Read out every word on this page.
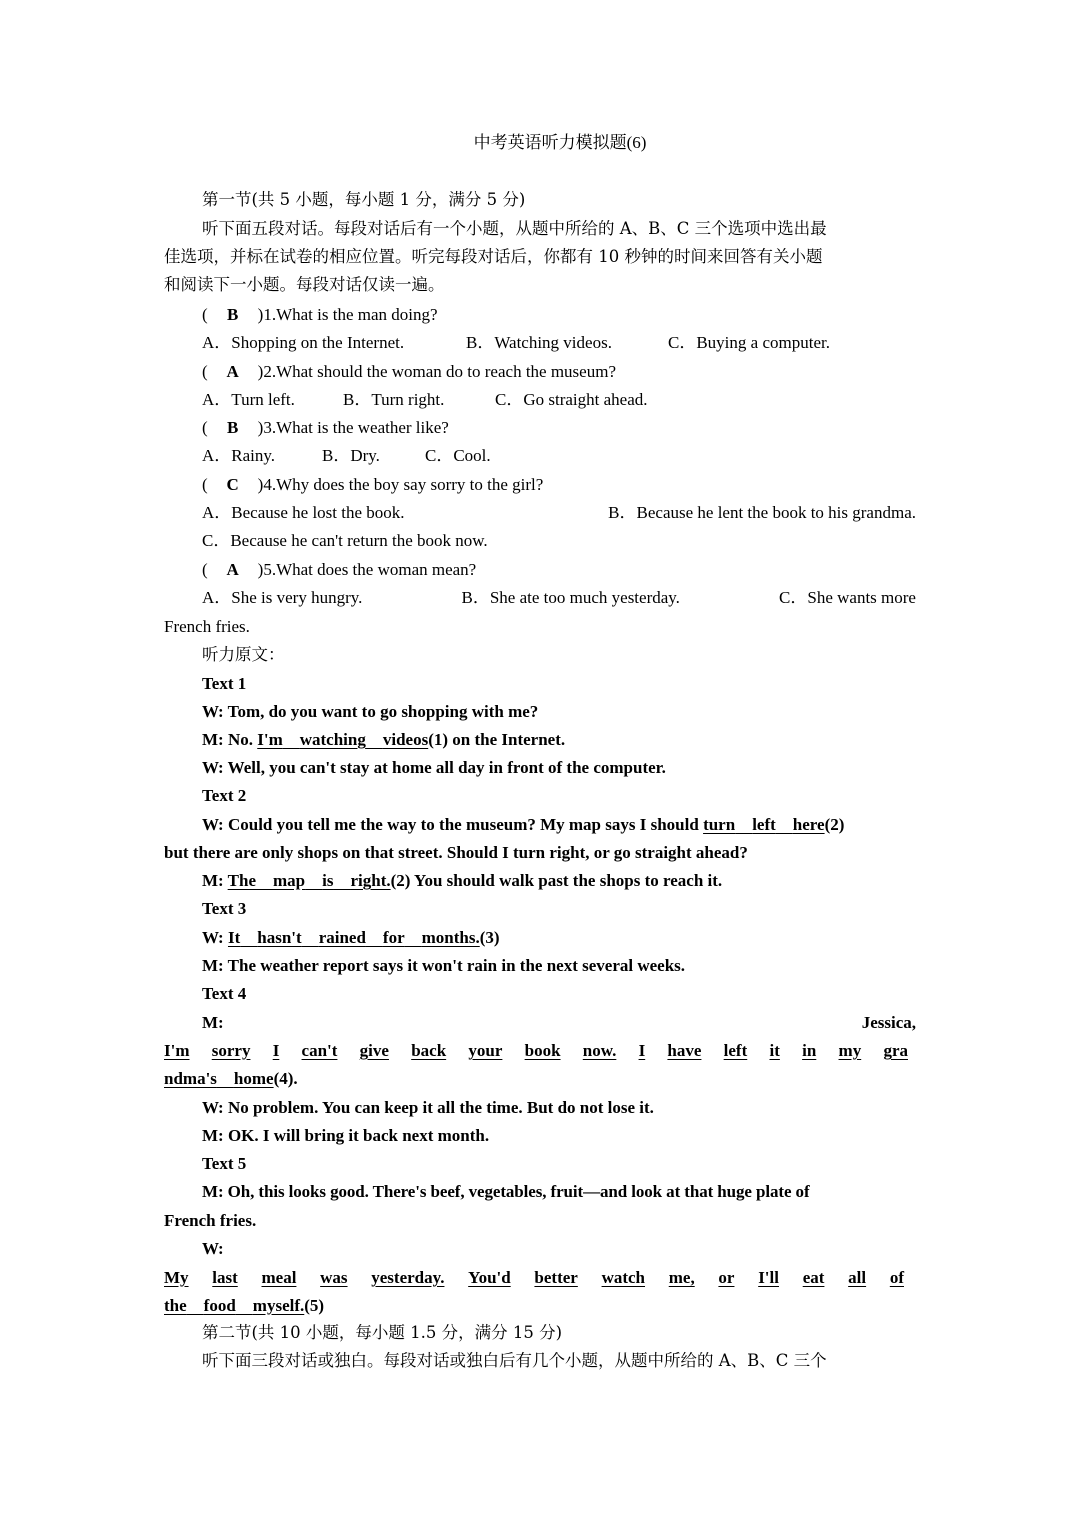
中考英语听力模拟题(6)
第一节(共 5 小题，每小题 1 分，满分 5 分)
听下面五段对话。每段对话后有一个小题，从题中所给的 A、B、C 三个选项中选出最
佳选项，并标在试卷的相应位置。听完每段对话后，你都有 10 秒钟的时间来回答有关小题
和阅读下一小题。每段对话仅读一遍。
( B )1.What is the man doing?
A．Shopping on the Internet.	B．Watching videos.	C．Buying a computer.
( A )2.What should the woman do to reach the museum?
A．Turn left.	B．Turn right.	C．Go straight ahead.
( B )3.What is the weather like?
A．Rainy.	B．Dry.	C．Cool.
( C )4.Why does the boy say sorry to the girl?
A．Because he lost the book.	B．Because he lent the book to his grandma.
C．Because he can't return the book now.
( A )5.What does the woman mean?
A．She is very hungry.	B．She ate too much yesterday.	C．She wants more
French fries.
听力原文：
Text 1
W: Tom, do you want to go shopping with me?
M: No. I'm watching videos(1) on the Internet.
W: Well, you can't stay at home all day in front of the computer.
Text 2
W: Could you tell me the way to the museum? My map says I should turn left here(2)
but there are only shops on that street. Should I turn right, or go straight ahead?
M: The map is right.(2) You should walk past the shops to reach it.
Text 3
W: It hasn't rained for months.(3)
M: The weather report says it won't rain in the next several weeks.
Text 4
M:	Jessica,
I'm sorry I can't give back your book now. I have left it in my gra
ndma's home(4).
W: No problem. You can keep it all the time. But do not lose it.
M: OK. I will bring it back next month.
Text 5
M: Oh, this looks good. There's beef, vegetables, fruit—and look at that huge plate of
French fries.
W:
My last meal was yesterday. You'd better watch me, or I'll eat all of
the food myself.(5)
第二节(共 10 小题，每小题 1.5 分，满分 15 分)
听下面三段对话或独白。每段对话或独白后有几个小题，从题中所给的 A、B、C 三个
